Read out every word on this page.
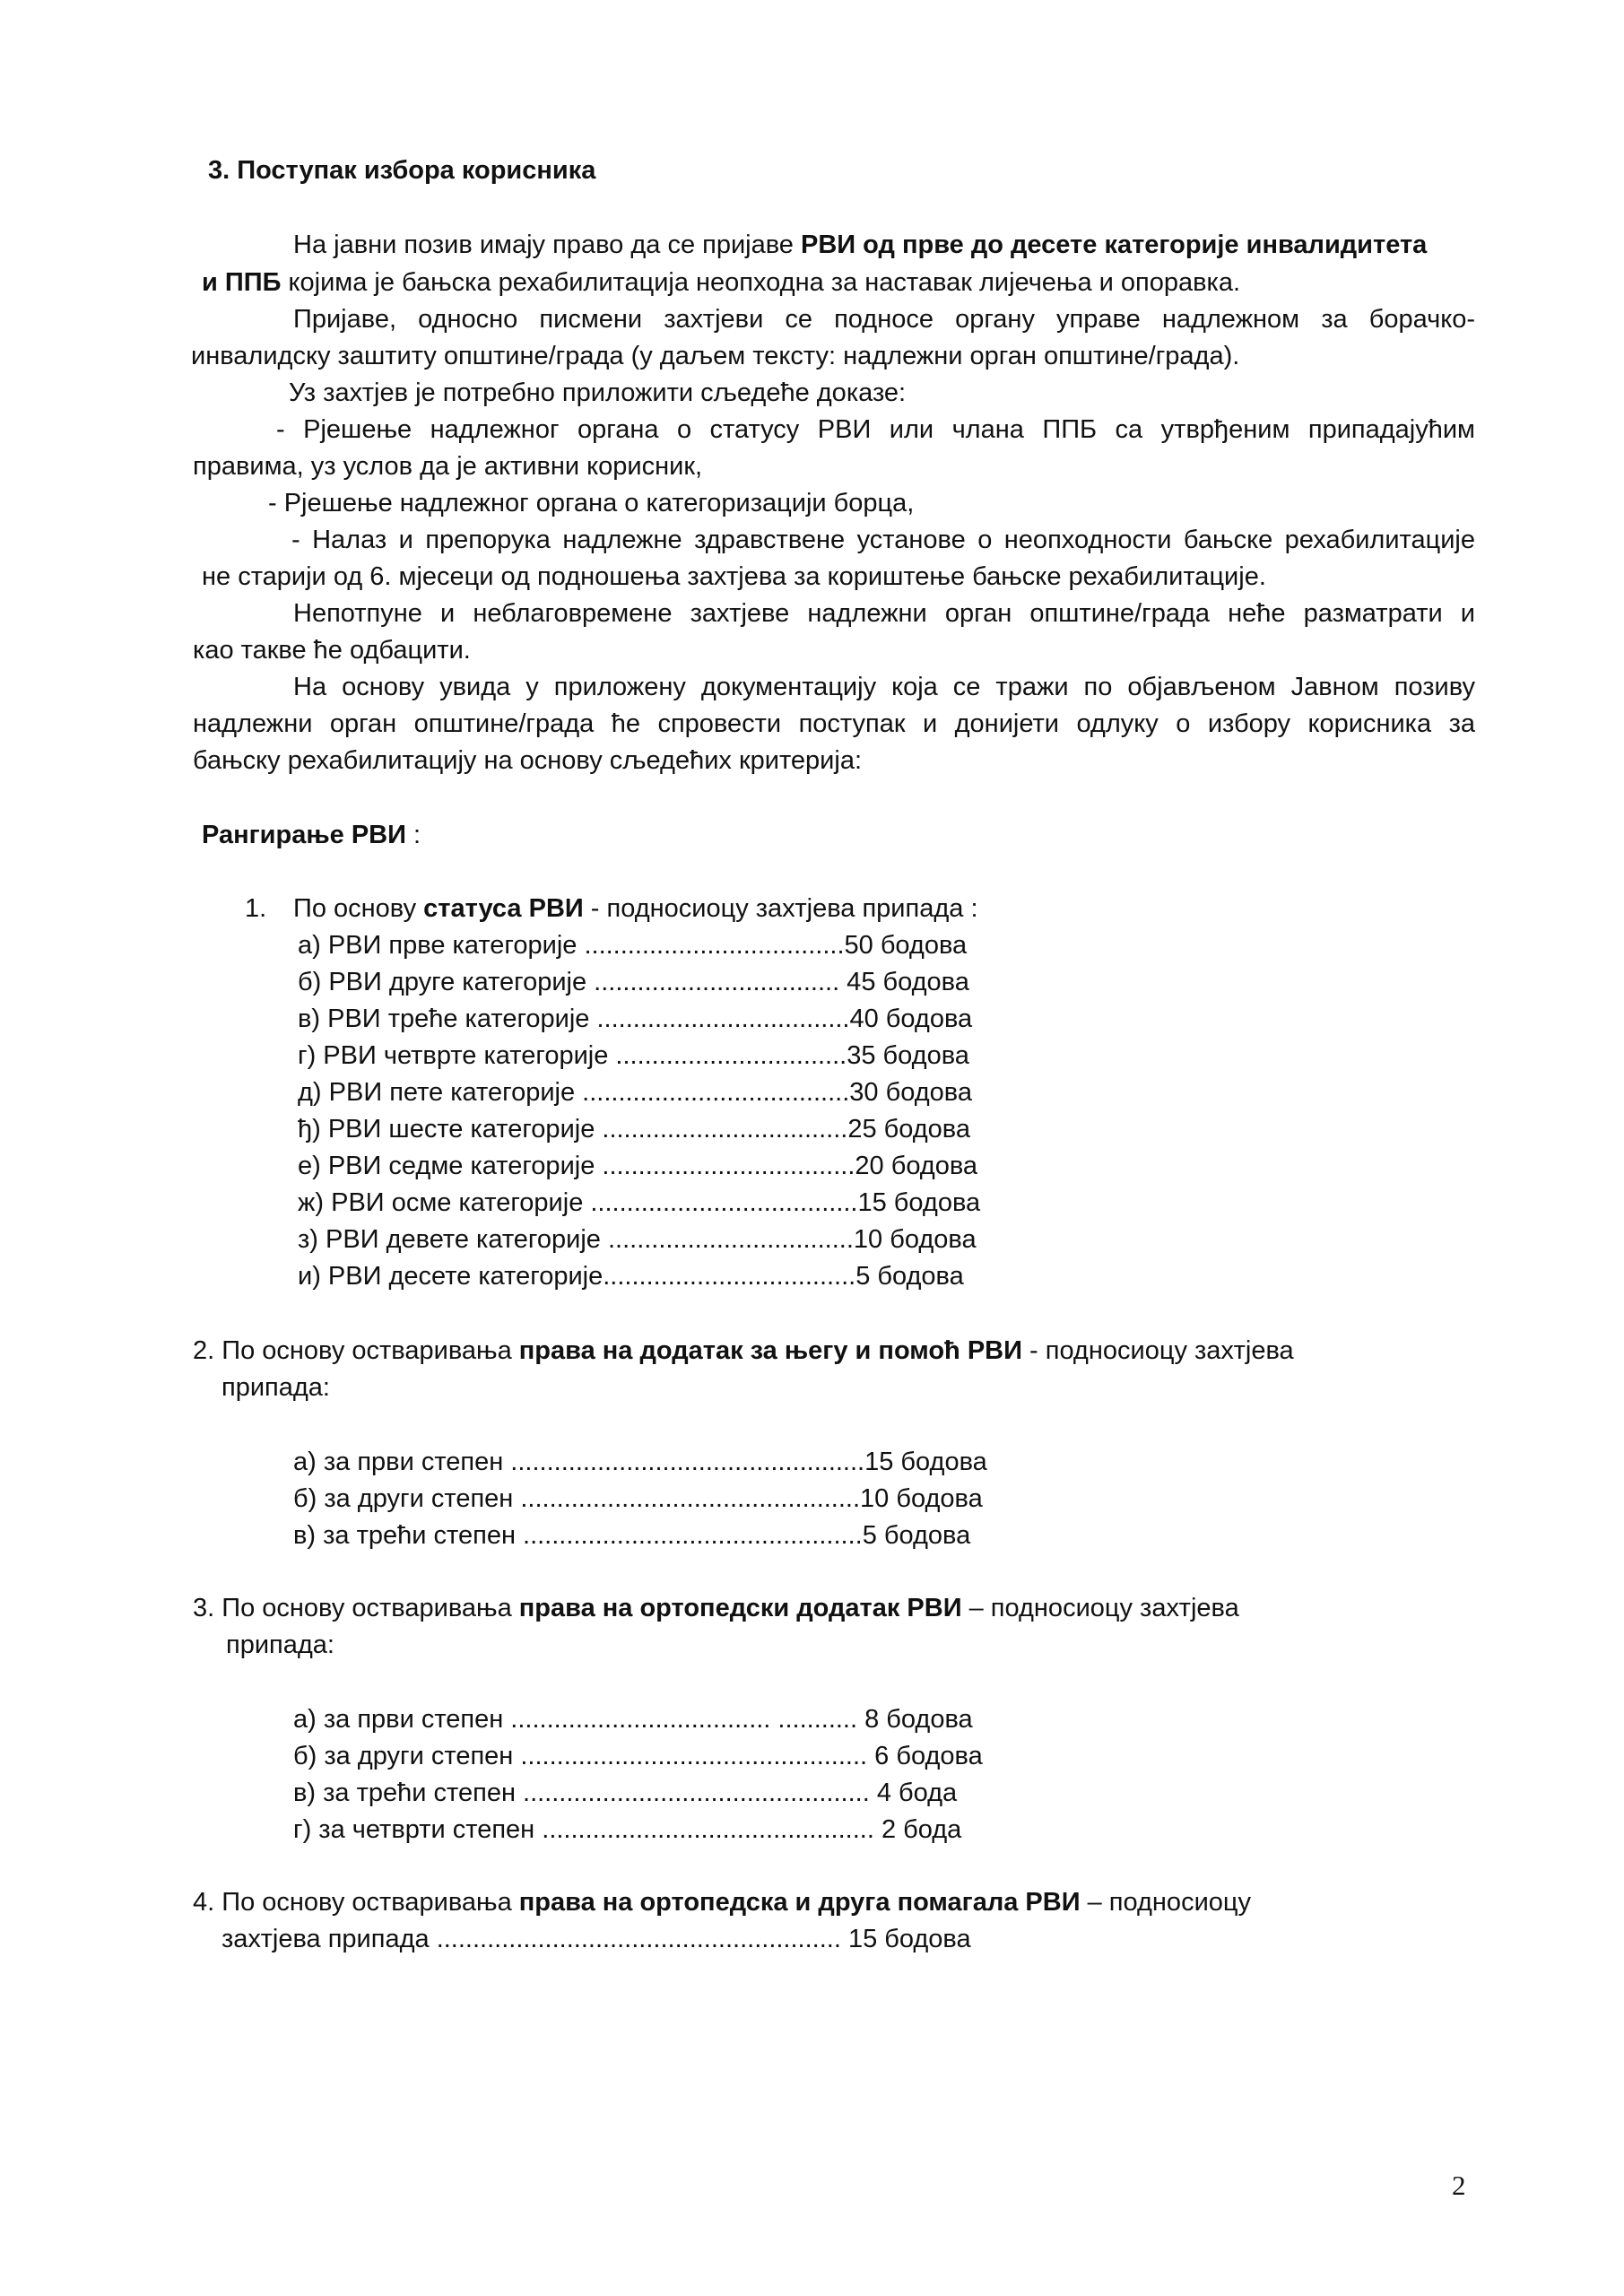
3. Поступак избора корисника
На јавни позив имају право да се пријаве РВИ од прве до десете категорије инвалидитета
и ППБ којима је бањска рехабилитација неопходна за наставак лијечења и опоравка.
Пријаве, односно писмени захтјеви се подносе органу управе надлежном за борачко-
инвалидску заштиту општине/града (у даљем тексту: надлежни орган општине/града).
Уз захтјев је потребно приложити сљедеће доказе:
- Рјешење надлежног органа о статусу РВИ или члана ППБ са утврђеним припадајућим
правима, уз услов да је активни корисник,
- Рјешење надлежног органа о категоризацији борца,
- Налаз и препорука надлежне здравствене установе о неопходности бањске рехабилитације
не старији од 6. мјесеци од подношења захтјева за кориштење бањске рехабилитације.
Непотпуне и неблаговремене захтјеве надлежни орган општине/града неће разматрати и
као такве ће одбацити.
На основу увида у приложену документацију која се тражи по објављеном Јавном позиву
надлежни орган општине/града ће спровести поступак и донијети одлуку о избору корисника за
бањску рехабилитацију на основу сљедећих критерија:
Рангирање РВИ :
1. По основу статуса РВИ - подносиоцу захтјева припада :
а) РВИ прве категорије ....................................50 бодова
б) РВИ друге категорије .................................. 45 бодова
в) РВИ треће категорије ...................................40 бодова
г) РВИ четврте категорије ................................35 бодова
д) РВИ пете категорије .....................................30 бодова
ђ) РВИ шесте категорије ..................................25 бодова
е) РВИ седме категорије ...................................20 бодова
ж) РВИ осме категорије .....................................15 бодова
з) РВИ девете категорије ..................................10 бодова
и) РВИ десете категорије...................................5 бодова
2. По основу остваривања права на додатак за његу и помоћ РВИ - подносиоцу захтјева
припада:
а) за први степен .................................................15 бодова
б) за други степен ...............................................10 бодова
в) за трећи степен ...............................................5 бодова
3. По основу остваривања права на ортопедски додатак РВИ – подносиоцу захтјева
припада:
а) за први степен .................................... ........... 8 бодова
б) за други степен ................................................ 6 бодова
в) за трећи степен ................................................ 4 бода
г) за четврти степен .............................................. 2 бода
4. По основу остваривања права на ортопедска и друга помагала РВИ – подносиоцу
захтјева припада ........................................................ 15 бодова
2
